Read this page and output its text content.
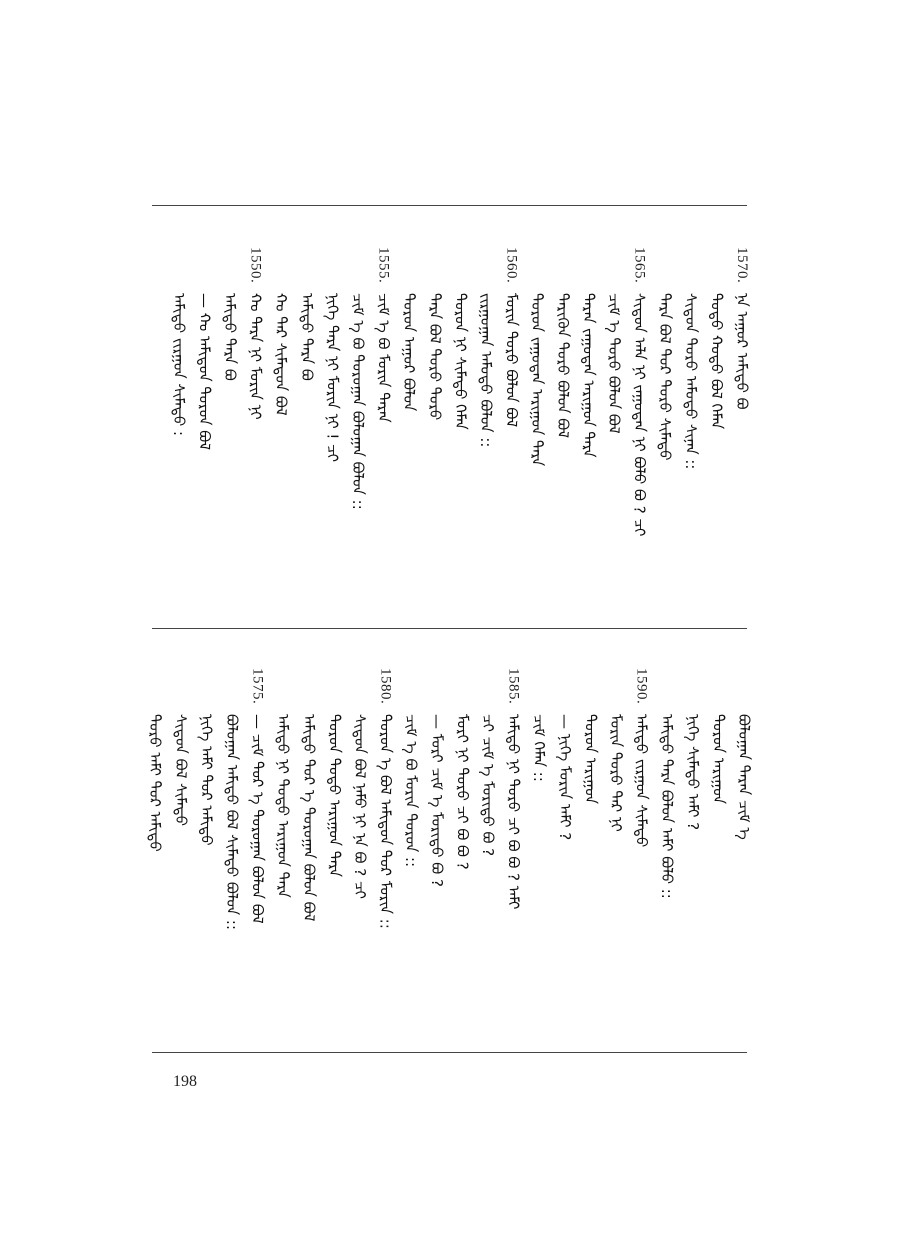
1570.
ᠨᠠ ᠠᠭᠤᠷ ᠠᠮᠢᠳᠤ ᠪᠣ
ᠳᠤᠳᠤ ᠬᠤᠳᠤ ᠪᠣᠯ ᠬᠡᠮᠡᠨ
ᠰᠢᠳᠤᠨ ᠲᠤᠷᠤ ᠠᠮᠤᠳᠤ ᠰᠢᠨᠠᠨ ::
ᠲᠡᠷᠡ ᠪᠣᠯ ᠲᠤᠷ ᠲᠤᠷᠤ ᠰᠢᠮᠡᠳᠤ
1565.
ᠰᠢᠳᠤᠨ ᠠᠯᠠ ᠨᠢ ᠵᠠᠭᠤᠳᠠᠨ ᠨᠢ ᠪᠤᠯᠤ ᠪᠣ ? ᠴᠢ
ᠴᠢᠮ ᠡ ᠲᠤᠷᠤ ᠪᠣᠯᠤᠨ ᠪᠣᠯ
ᠲᠡᠷᠡᠨ ᠵᠠᠭᠤᠳᠠᠨ ᠠᠷᠢᠭᠤᠨ ᠲᠡᠷᠡ
ᠲᠡᠷᠢᠭᠦᠨ ᠲᠤᠷᠤ ᠪᠣᠯᠤᠨ ᠪᠣᠯ
ᠲᠤᠷᠤᠨ ᠵᠠᠭᠤᠳᠠᠨ ᠠᠷᠢᠭᠤᠨ ᠲᠡᠷᠡ
1560.
ᠮᠣᠷᠢᠨ ᠲᠤᠷᠤ ᠪᠣᠯᠤᠨ ᠪᠣᠯ
ᠵᠢᠷᠭᠤᠭᠠᠨ ᠠᠮᠤᠳᠤ ᠪᠣᠯᠤᠨ ::
ᠲᠤᠷᠤᠨ ᠨᠢ ᠰᠢᠮᠡᠳᠤ ᠬᠡᠮᠡᠨ
ᠲᠡᠷᠡ ᠪᠣᠯ ᠲᠤᠷᠤ ᠲᠤᠷᠤ
ᠲᠤᠷᠤᠨ ᠠᠭᠤᠷ ᠪᠣᠯᠤᠨ
1555.
ᠴᠢᠮ ᠡ ᠪᠣ ᠮᠣᠷᠢᠨ ᠲᠡᠷᠡᠨ
ᠴᠢᠮ ᠡ ᠪᠣ ᠲᠤᠷᠤᠭᠠᠨ ᠪᠣᠯᠤᠭᠠᠨ ᠪᠣᠯᠤᠨ ::
ᠨᠢᠭᠡ ᠲᠡᠷᠡ ᠨᠢ ᠮᠣᠷᠢᠨ ᠨᠢ ! ᠴᠢ
ᠠᠮᠢᠳᠤ ᠲᠡᠷᠡ ᠪᠣ
ᠬᠤ ᠲᠡᠷ ᠰᠢᠮᠡᠳᠤᠨ ᠪᠣᠯ
1550.
ᠬᠤ ᠲᠡᠷᠡ ᠨᠢ ᠮᠣᠷᠢᠨ ᠨᠢ
ᠠᠮᠢᠳᠤ ᠲᠡᠷᠡ ᠪᠣ
— ᠬᠤ ᠠᠮᠢᠳᠤᠨ ᠲᠤᠷᠤᠨ ᠪᠣᠯ
ᠠᠮᠢᠳᠤ ᠵᠢᠷᠭᠤᠨ ᠰᠢᠮᠡᠳᠤ :
ᠪᠣᠯᠤᠭᠠᠨ ᠲᠡᠷᠡᠨ ᠴᠢᠮ ᠡ
ᠲᠤᠷᠤᠨ ᠠᠷᠢᠭᠤᠨ
ᠨᠢᠭᠡ ᠰᠢᠮᠡᠳᠤ ᠠᠮᠢ ?
ᠠᠮᠢᠳᠤ ᠲᠡᠷᠡ ᠪᠣᠯᠤᠨ ᠠᠮᠢ ᠪᠣᠯᠤ ::
1590.
ᠠᠮᠢᠳᠤ ᠵᠢᠷᠭᠤᠨ ᠰᠢᠮᠡᠳᠤ
ᠮᠣᠷᠢᠨ ᠲᠤᠷᠤ ᠲᠡᠷ ᠨᠢ
ᠲᠤᠷᠤᠨ ᠠᠷᠢᠭᠤᠨ
— ᠨᠢᠭᠡ ᠮᠣᠷᠢᠨ ᠠᠮᠢ ?
ᠴᠢᠮ ᠬᠡᠮᠡᠨ ::
1585.
ᠠᠮᠢᠳᠤ ᠨᠢ ᠲᠤᠷᠤ ᠴᠢ ᠪᠣ ᠪᠣ ? ᠠᠮᠢ
ᠴᠢ ᠴᠢᠮ ᠡ ᠮᠣᠷᠢᠳᠤ ᠪᠣ ?
ᠮᠣᠷᠢ ᠨᠢ ᠲᠤᠷᠤ ᠴᠢ ᠪᠣ ᠪᠣ ?
— ᠮᠣᠷᠢ ᠴᠢᠮ ᠡ ᠮᠣᠷᠢᠳᠤ ᠪᠣ ?
ᠴᠢᠮ ᠡ ᠪᠣ ᠮᠣᠷᠢᠨ ᠲᠤᠷᠤᠨ ::
1580.
ᠲᠤᠷᠤᠨ ᠡ ᠪᠣᠯ ᠠᠮᠢᠳᠤᠨ ᠲᠤᠷ ᠮᠣᠷᠢᠨ ::
ᠰᠢᠳᠤᠨ ᠪᠣᠯ ᠨᠠᠮᠤ ᠨᠢ ᠨᠠ ᠪᠣ ? ᠴᠢ
ᠲᠤᠷᠤᠨ ᠳᠤᠳᠤ ᠠᠷᠢᠭᠤᠨ ᠲᠡᠷᠡ
ᠠᠮᠢᠳᠤ ᠲᠤᠷ ᠡ ᠲᠤᠷᠤᠭᠠᠨ ᠪᠣᠯᠤᠨ ᠪᠣᠯ
ᠠᠮᠢᠳᠤ ᠨᠢ ᠳᠤᠳᠤ ᠠᠷᠢᠭᠤᠨ ᠲᠡᠷᠡ
1575.
— ᠴᠢᠮ ᠲᠤᠷ ᠡ ᠲᠤᠷᠤᠭᠠᠨ ᠪᠣᠯᠤᠨ ᠪᠣᠯ
ᠪᠣᠯᠤᠭᠠᠨ ᠠᠮᠢᠳᠤ ᠪᠣᠯ ᠰᠢᠮᠡᠳᠤ ᠪᠣᠯᠤᠨ ::
ᠨᠢᠭᠡ ᠠᠮᠢ ᠲᠤᠷ ᠠᠮᠢᠳᠤ
ᠰᠢᠳᠤᠨ ᠪᠣᠯ ᠰᠢᠮᠡᠳᠤ
ᠲᠤᠷᠤ ᠠᠮᠢ ᠲᠤᠷ ᠠᠮᠢᠳᠤ
198
